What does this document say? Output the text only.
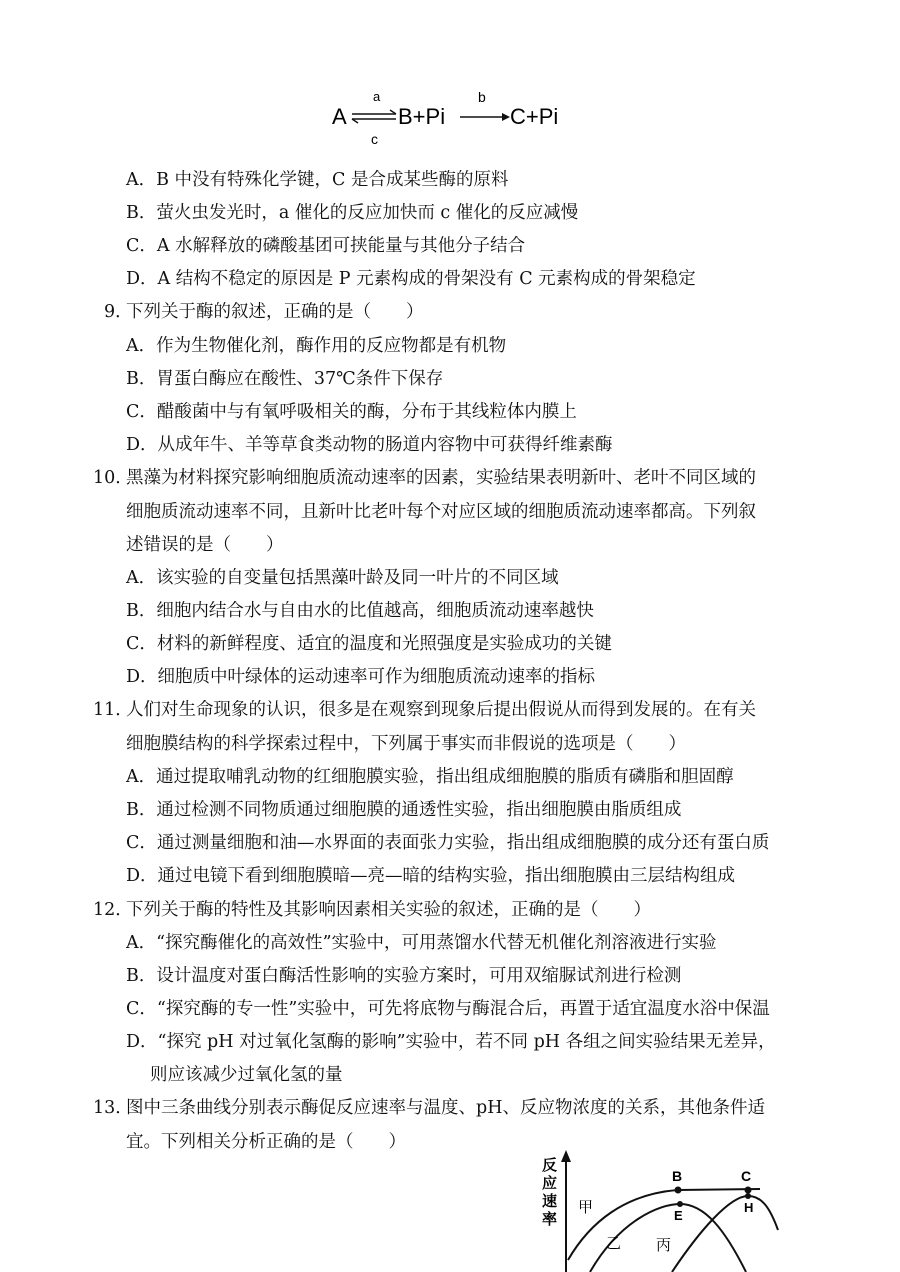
A
a
c
B+Pi
b
C+Pi
A．B 中没有特殊化学键，C 是合成某些酶的原料
B．萤火虫发光时，a 催化的反应加快而 c 催化的反应减慢
C．A 水解释放的磷酸基团可挟能量与其他分子结合
D．A 结构不稳定的原因是 P 元素构成的骨架没有 C 元素构成的骨架稳定
9．
下列关于酶的叙述，正确的是（　　）
A．作为生物催化剂，酶作用的反应物都是有机物
B．胃蛋白酶应在酸性、37℃条件下保存
C．醋酸菌中与有氧呼吸相关的酶，分布于其线粒体内膜上
D．从成年牛、羊等草食类动物的肠道内容物中可获得纤维素酶
10．
黑藻为材料探究影响细胞质流动速率的因素，实验结果表明新叶、老叶不同区域的
细胞质流动速率不同，且新叶比老叶每个对应区域的细胞质流动速率都高。下列叙
述错误的是（　　）
A．该实验的自变量包括黑藻叶龄及同一叶片的不同区域
B．细胞内结合水与自由水的比值越高，细胞质流动速率越快
C．材料的新鲜程度、适宜的温度和光照强度是实验成功的关键
D．细胞质中叶绿体的运动速率可作为细胞质流动速率的指标
11．
人们对生命现象的认识，很多是在观察到现象后提出假说从而得到发展的。在有关
细胞膜结构的科学探索过程中，下列属于事实而非假说的选项是（　　）
A．通过提取哺乳动物的红细胞膜实验，指出组成细胞膜的脂质有磷脂和胆固醇
B．通过检测不同物质通过细胞膜的通透性实验，指出细胞膜由脂质组成
C．通过测量细胞和油—水界面的表面张力实验，指出组成细胞膜的成分还有蛋白质
D．通过电镜下看到细胞膜暗—亮—暗的结构实验，指出细胞膜由三层结构组成
12．
下列关于酶的特性及其影响因素相关实验的叙述，正确的是（　　）
A．“探究酶催化的高效性”实验中，可用蒸馏水代替无机催化剂溶液进行实验
B．设计温度对蛋白酶活性影响的实验方案时，可用双缩脲试剂进行检测
C．“探究酶的专一性”实验中，可先将底物与酶混合后，再置于适宜温度水浴中保温
D．“探究 pH 对过氧化氢酶的影响”实验中，若不同 pH 各组之间实验结果无差异，
则应该减少过氧化氢的量
13．
图中三条曲线分别表示酶促反应速率与温度、pH、反应物浓度的关系，其他条件适
宜。下列相关分析正确的是（　　）
反
应
速
率
B	C
E
H
甲
乙 丙
